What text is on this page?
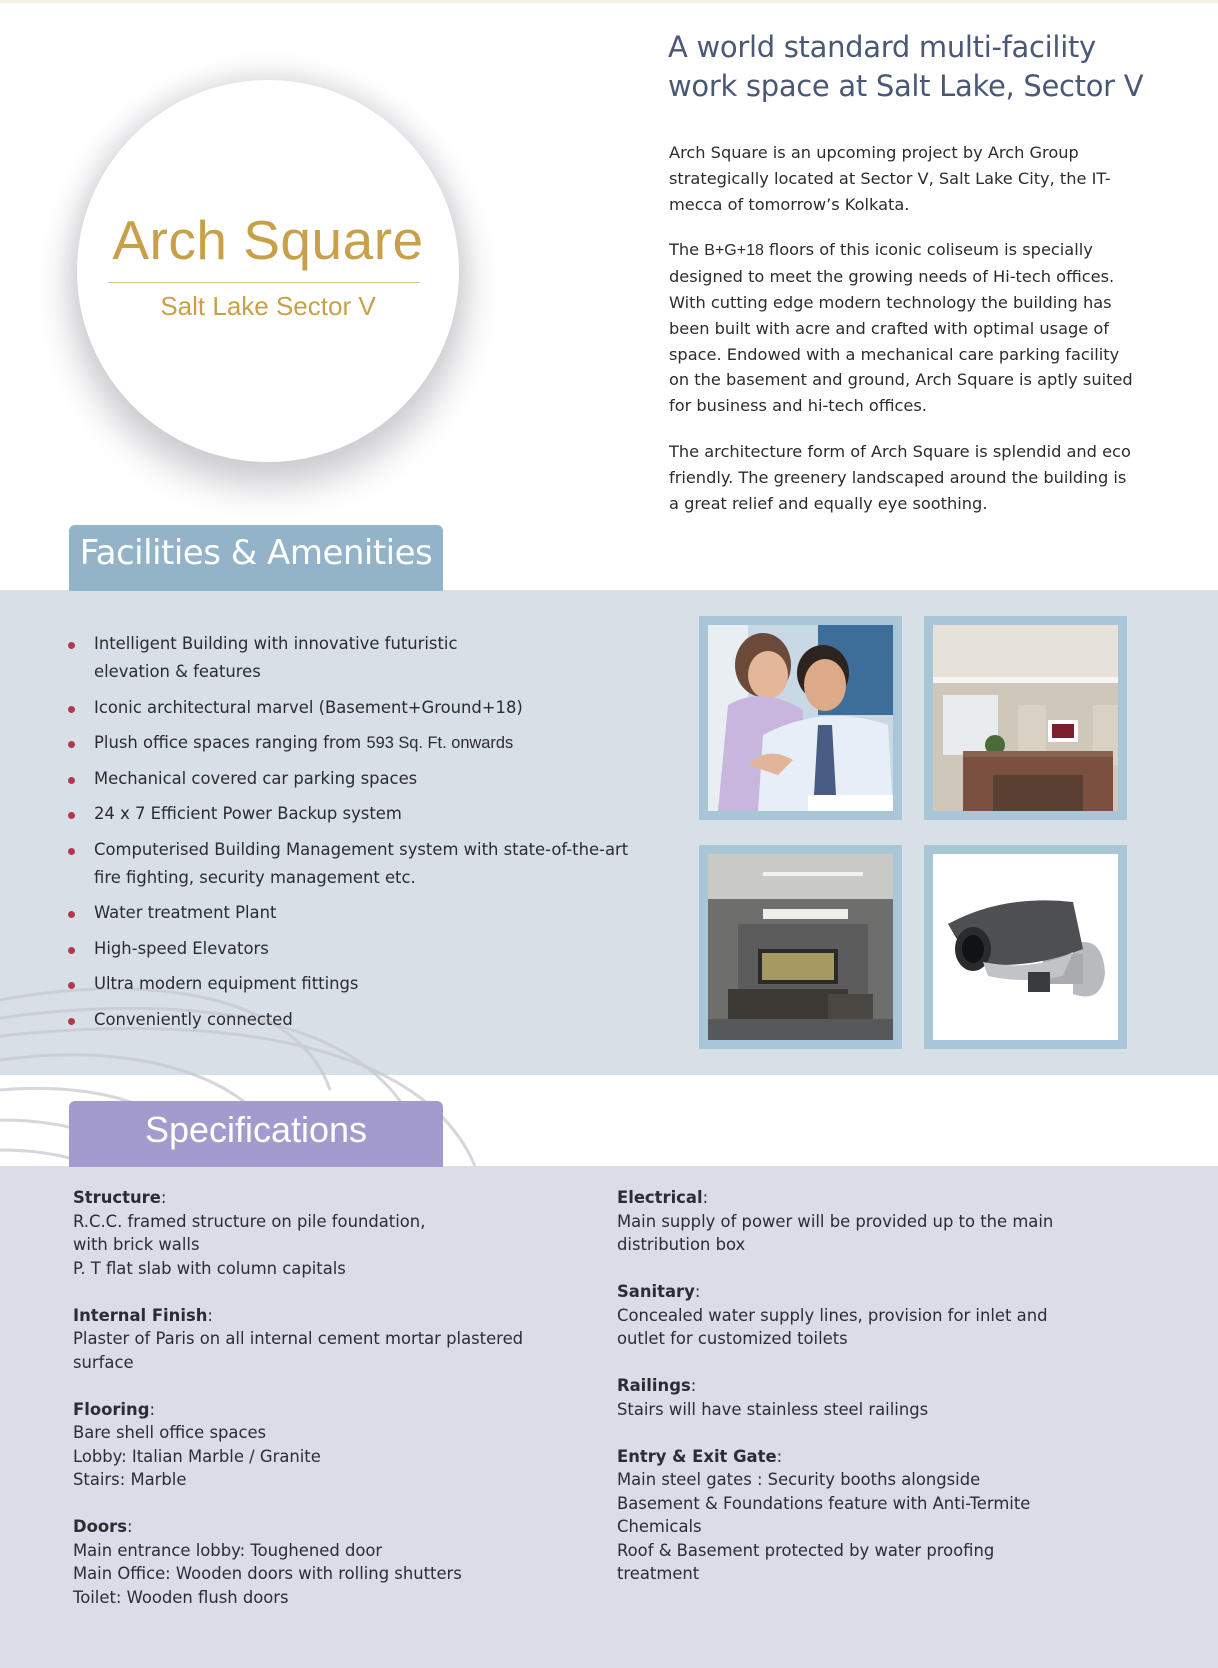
Arch Square
Salt Lake Sector V
A world standard multi-facility
work space at Salt Lake, Sector V

Arch Square is an upcoming project by Arch Group strategically located at Sector V, Salt Lake City, the IT-mecca of tomorrow’s Kolkata.

The B+G+18 floors of this iconic coliseum is specially designed to meet the growing needs of Hi-tech offices. With cutting edge modern technology the building has been built with acre and crafted with optimal usage of space. Endowed with a mechanical care parking facility on the basement and ground, Arch Square is aptly suited for business and hi-tech offices.

The architecture form of Arch Square is splendid and eco friendly. The greenery landscaped around the building is a great relief and equally eye soothing.

Facilities & Amenities
Intelligent Building with innovative futuristic
elevation & features
Iconic architectural marvel (Basement+Ground+18)
Plush office spaces ranging from 593 Sq. Ft. onwards
Mechanical covered car parking spaces
24 x 7 Efficient Power Backup system
Computerised Building Management system with state-of-the-art
fire fighting, security management etc.
Water treatment Plant
High-speed Elevators
Ultra modern equipment fittings
Conveniently connected
Specifications
Structure:
R.C.C. framed structure on pile foundation,
with brick walls
P. T flat slab with column capitals
Internal Finish:
Plaster of Paris on all internal cement mortar plastered
surface
Flooring:
Bare shell office spaces
Lobby: Italian Marble / Granite
Stairs: Marble
Doors:
Main entrance lobby: Toughened door
Main Office: Wooden doors with rolling shutters
Toilet: Wooden flush doors
Electrical:
Main supply of power will be provided up to the main
distribution box
Sanitary:
Concealed water supply lines, provision for inlet and
outlet for customized toilets
Railings:
Stairs will have stainless steel railings
Entry & Exit Gate:
Main steel gates : Security booths alongside
Basement & Foundations feature with Anti-Termite
Chemicals
Roof & Basement protected by water proofing
treatment
